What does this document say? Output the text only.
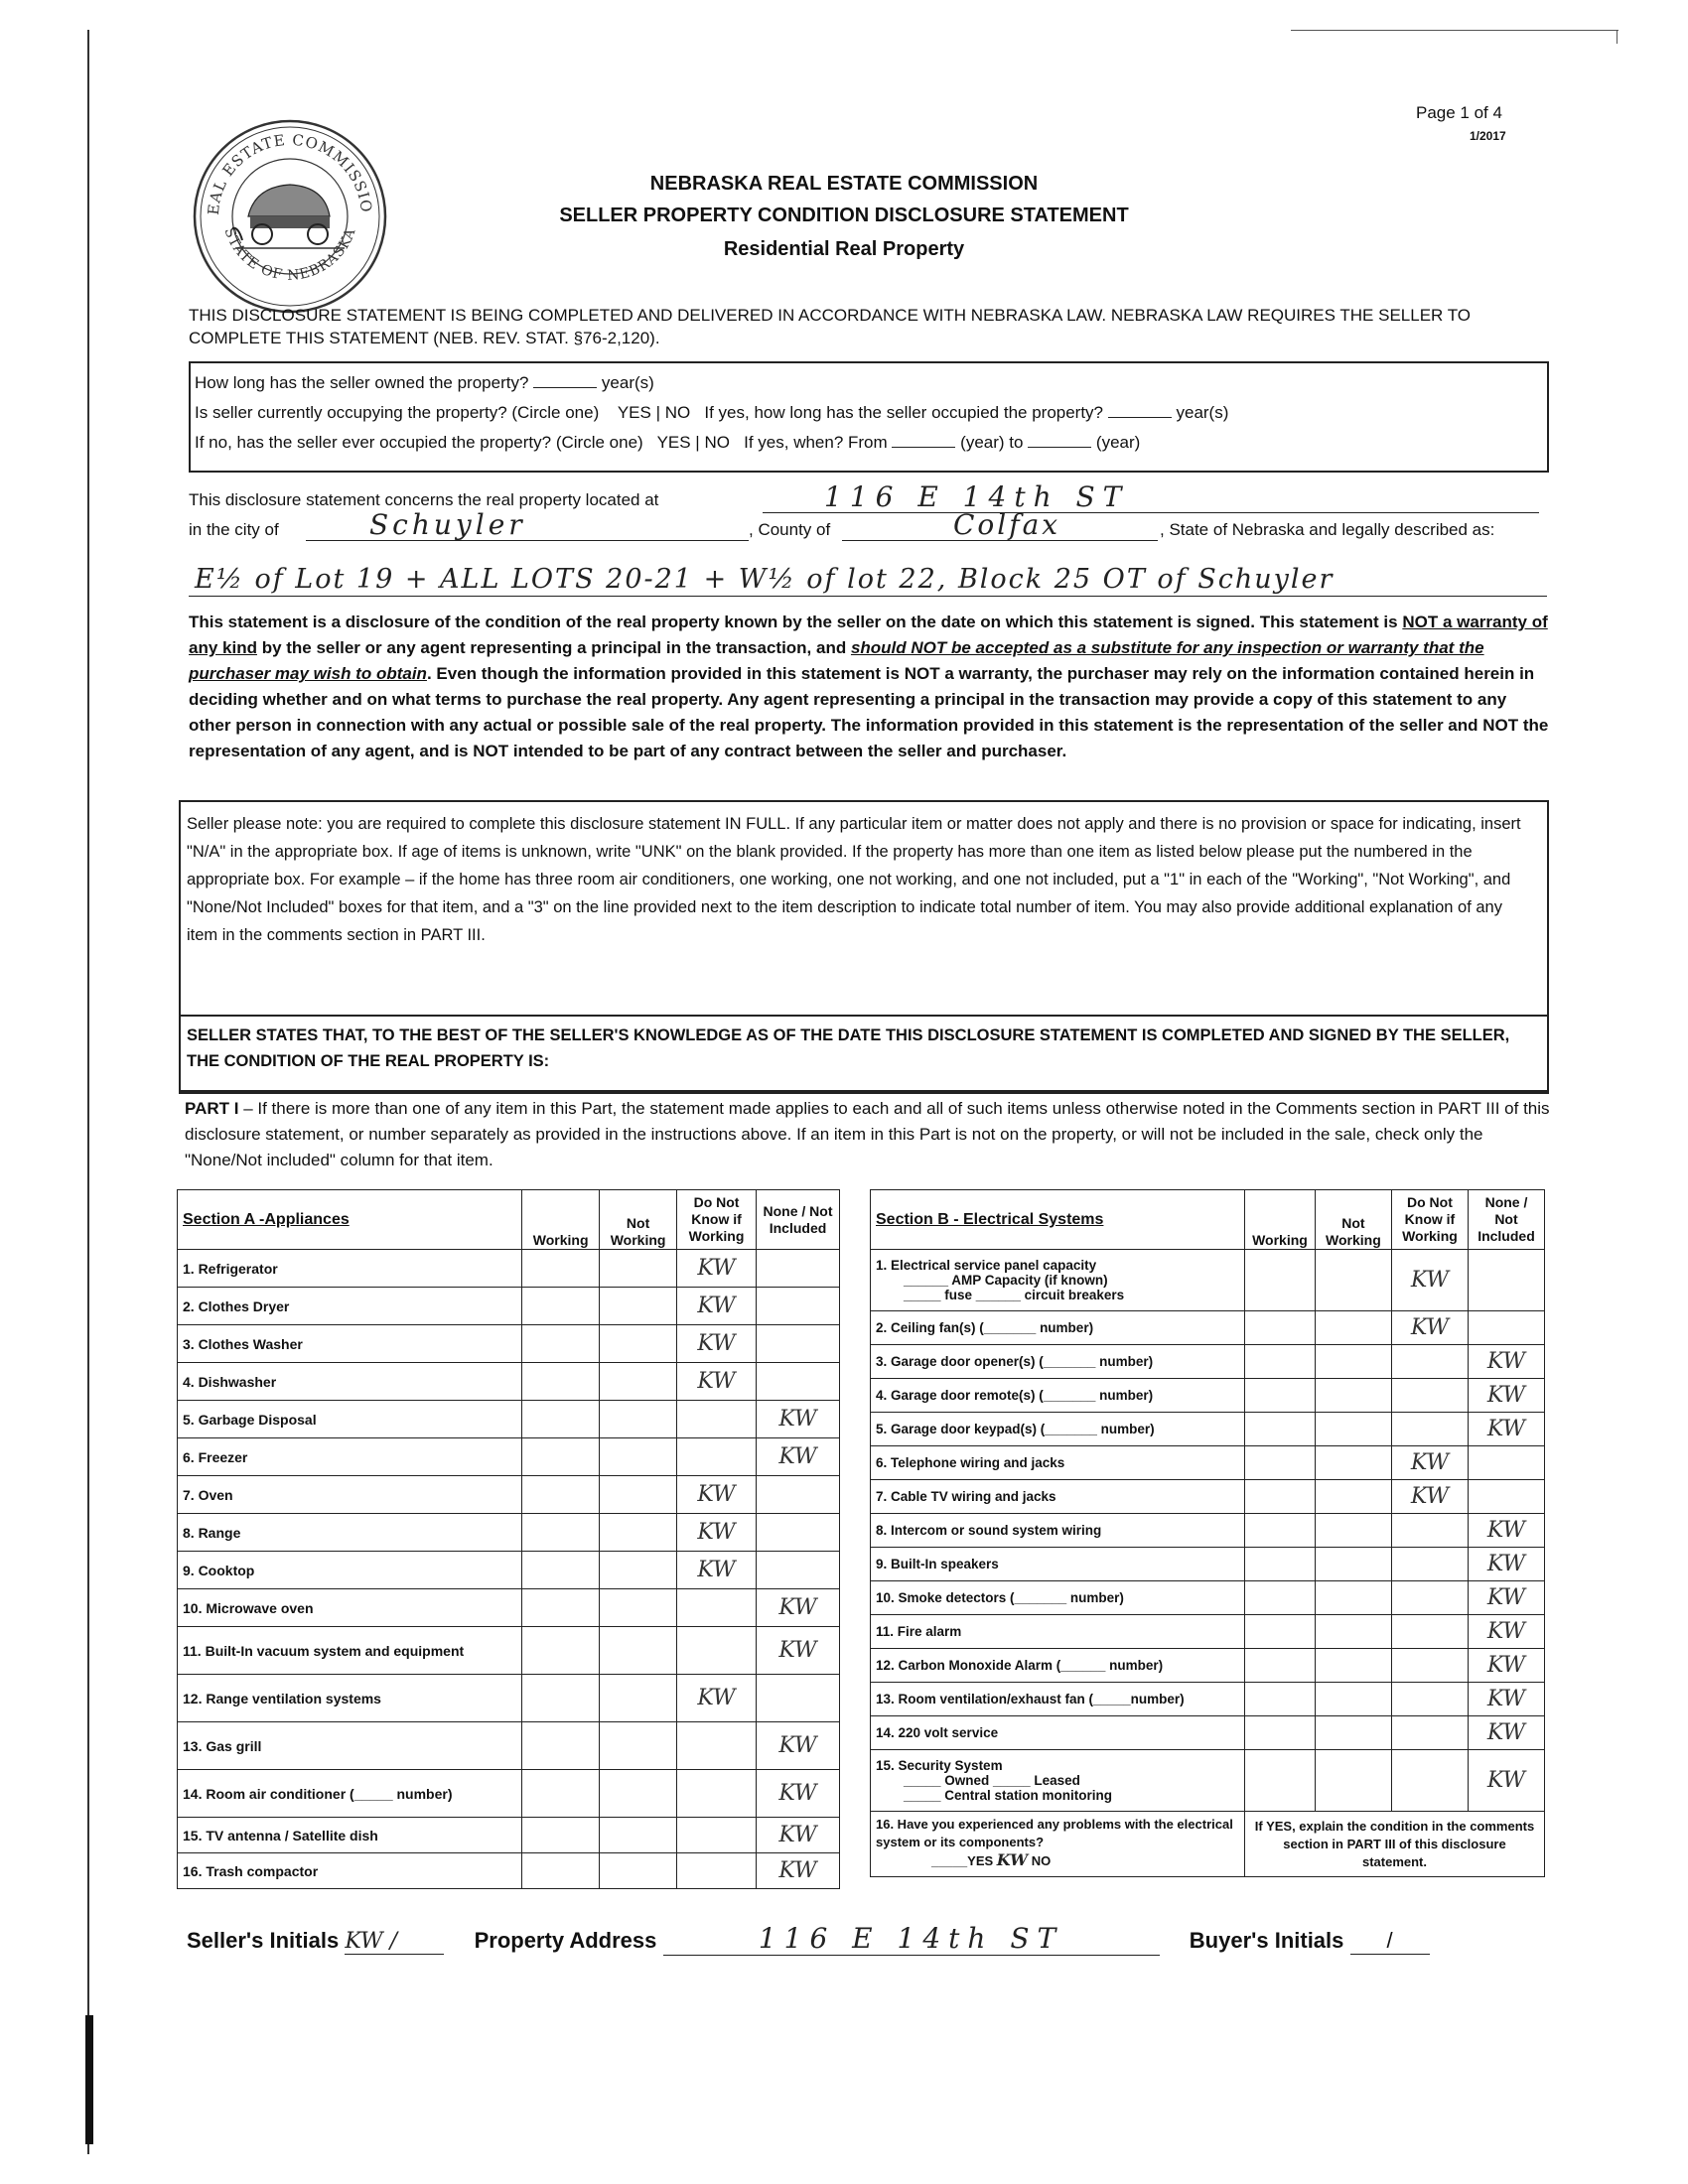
Page 1 of 4
1/2017
EAL ESTATE COMMISSIO
STATE OF NEBRASKA
NEBRASKA REAL ESTATE COMMISSION
SELLER PROPERTY CONDITION DISCLOSURE STATEMENT
Residential Real Property
THIS DISCLOSURE STATEMENT IS BEING COMPLETED AND DELIVERED IN ACCORDANCE WITH NEBRASKA LAW. NEBRASKA LAW REQUIRES THE SELLER TO COMPLETE THIS STATEMENT (NEB. REV. STAT. §76-2,120).
How long has the seller owned the property?	year(s)
Is seller currently occupying the property? (Circle one) YES | NO If yes, how long has the seller occupied the property?	year(s)
If no, has the seller ever occupied the property? (Circle one) YES | NO If yes, when? From	(year) to	(year)
This disclosure statement concerns the real property located at	116 E 14th ST
in the city of	Schuyler	, County of	Colfax	, State of Nebraska and legally described as:
E½ of Lot 19 + ALL LOTS 20-21 + W½ of lot 22, Block 25 OT of Schuyler
This statement is a disclosure of the condition of the real property known by the seller on the date on which this statement is signed. This statement is NOT a warranty of any kind by the seller or any agent representing a principal in the transaction, and should NOT be accepted as a substitute for any inspection or warranty that the purchaser may wish to obtain. Even though the information provided in this statement is NOT a warranty, the purchaser may rely on the information contained herein in deciding whether and on what terms to purchase the real property. Any agent representing a principal in the transaction may provide a copy of this statement to any other person in connection with any actual or possible sale of the real property. The information provided in this statement is the representation of the seller and NOT the representation of any agent, and is NOT intended to be part of any contract between the seller and purchaser.
Seller please note: you are required to complete this disclosure statement IN FULL. If any particular item or matter does not apply and there is no provision or space for indicating, insert "N/A" in the appropriate box. If age of items is unknown, write "UNK" on the blank provided. If the property has more than one item as listed below please put the numbered in the appropriate box. For example – if the home has three room air conditioners, one working, one not working, and one not included, put a "1" in each of the "Working", "Not Working", and "None/Not Included" boxes for that item, and a "3" on the line provided next to the item description to indicate total number of item. You may also provide additional explanation of any item in the comments section in PART III.
SELLER STATES THAT, TO THE BEST OF THE SELLER'S KNOWLEDGE AS OF THE DATE THIS DISCLOSURE STATEMENT IS COMPLETED AND SIGNED BY THE SELLER, THE CONDITION OF THE REAL PROPERTY IS:
PART I – If there is more than one of any item in this Part, the statement made applies to each and all of such items unless otherwise noted in the Comments section in PART III of this disclosure statement, or number separately as provided in the instructions above. If an item in this Part is not on the property, or will not be included in the sale, check only the "None/Not included" column for that item.
Section A -Appliances	Working	Not Working	Do Not Know if Working	None / Not Included
1. Refrigerator			KW	
2. Clothes Dryer			KW	
3. Clothes Washer			KW	
4. Dishwasher			KW	
5. Garbage Disposal				KW
6. Freezer				KW
7. Oven			KW	
8. Range			KW	
9. Cooktop			KW	
10. Microwave oven				KW
11. Built-In vacuum system and equipment				KW
12. Range ventilation systems			KW	
13. Gas grill				KW
14. Room air conditioner (_____ number)				KW
15. TV antenna / Satellite dish				KW
16. Trash compactor				KW
Section B - Electrical Systems	Working	Not Working	Do Not Know if Working	None / Not Included

1. Electrical service panel capacity
______ AMP Capacity (if known)
_____ fuse ______ circuit breakers			KW	

2. Ceiling fan(s) (_______ number)			KW	

3. Garage door opener(s) (_______ number)				KW

4. Garage door remote(s) (_______ number)				KW

5. Garage door keypad(s) (_______ number)				KW

6. Telephone wiring and jacks			KW	

7. Cable TV wiring and jacks			KW	

8. Intercom or sound system wiring				KW

9. Built-In speakers				KW

10. Smoke detectors (_______ number)				KW

11. Fire alarm				KW

12. Carbon Monoxide Alarm (______ number)				KW

13. Room ventilation/exhaust fan (_____number)				KW

14. 220 volt service				KW

15. Security System
_____ Owned _____ Leased
_____ Central station monitoring				KW
16. Have you experienced any problems with the electrical system or its components?
_____YES KW NO	If YES, explain the condition in the comments section in PART III of this disclosure statement.			
Seller's Initials KW /	Property Address	116 E 14th ST	Buyer's Initials /
